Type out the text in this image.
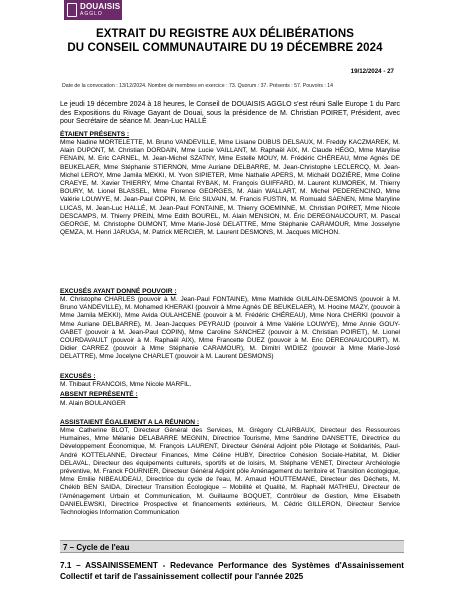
DOUAISIS
AGGLO
EXTRAIT DU REGISTRE AUX DÉLIBÉRATIONS
DU CONSEIL COMMUNAUTAIRE DU 19 DÉCEMBRE 2024
19/12/2024 - 27
Date de la convocation : 13/12/2024. Nombre de membres en exercice : 73. Quorum : 37. Présents : 57. Pouvoirs : 14
Le jeudi 19 décembre 2024 à 18 heures, le Conseil de DOUAISIS AGGLO s'est réuni Salle Europe 1 du Parc des Expositions du Rivage Gayant de Douai, sous la présidence de M. Christian POIRET, Président, avec pour Secrétaire de séance M. Jean-Luc HALLÉ
ÉTAIENT PRÉSENTS :
Mme Nadine MORTELETTE, M. Bruno VANDEVILLE, Mme Lisiane DUBUS DELSAUX, M. Freddy KACZMAREK, M. Alain DUPONT, M. Christian DORDAIN, Mme Lucie VAILLANT, M. Raphaël AIX, M. Claude HÉGO, Mme Marylise FENAIN, M. Eric CARNEL, M. Jean-Michel SZATNY, Mme Estelle MOUY, M. Frédéric CHÉREAU, Mme Agnès DE BEUKELAER, Mme Stéphanie STIERNON, Mme Auriane DELBARRE, M. Jean-Christophe LECLERCQ, M. Jean-Michel LEROY, Mme Jamila MEKKI, M. Yvon SIPIETER, Mme Nathalie APERS, M. Michaël DOZIÈRE, Mme Coline CRAEYE, M. Xavier THIERRY, Mme Chantal RYBAK, M. François GUIFFARD, M. Laurent KUMOREK, M. Thierry BOURY, M. Lionel BLASSEL, Mme Florence GEORGES, M. Alain WALLART, M. Michel PEDERENCINO, Mme Valérie LOUWYE, M. Jean-Paul COPIN, M. Eric SILVAIN, M. Francis FUSTIN, M. Romuald SAENEN, Mme Maryline LUCAS, M. Jean-Luc HALLÉ, M. Jean-Paul FONTAINE, M. Thierry GOEMINNE, M. Christian POIRET, Mme Nicole DESCAMPS, M. Thierry PREIN, Mme Edith BOUREL, M. Alain MENSION, M. Éric DEREGNAUCOURT, M. Pascal GEORGE, M. Christophe DUMONT, Mme Marie-José DELATTRE, Mme Stéphanie CARAMOUR, Mme Josselyne QEMZA, M. Henri JARUGA, M. Patrick MERCIER, M. Laurent DESMONS, M. Jacques MICHON.
EXCUSÉS AYANT DONNÉ POUVOIR :
M. Christophe CHARLES (pouvoir à M. Jean-Paul FONTAINE), Mme Mathilde GUILAIN-DESMONS (pouvoir à M. Bruno VANDEVILLE), M. Mohamed KHERAKI (pouvoir à Mme Agnès DE BEUKELAER), M. Hocine MAZY, (pouvoir à Mme Jamila MEKKI), Mme Avida OULAHCENE (pouvoir à M. Frédéric CHÉREAU), Mme Nora CHERKI (pouvoir à Mme Auriane DELBARRE), M. Jean-Jacques PEYRAUD (pouvoir à Mme Valérie LOUWYE), Mme Annie GOUY-GABET (pouvoir à M. Jean-Paul COPIN), Mme Caroline SANCHEZ (pouvoir à M. Christian POIRET), M. Lionel COURDAVAULT (pouvoir à M. Raphaël AIX), Mme Francette DUEZ (pouvoir à M. Eric DEREGNAUCOURT), M. Didier CARREZ (pouvoir à Mme Stéphanie CARAMOUR), M. Dimitri WIDIEZ (pouvoir à Mme Marie-José DELATTRE), Mme Jocelyne CHARLET (pouvoir à M. Laurent DESMONS)
EXCUSÉS :
M. Thibaut FRANCOIS, Mme Nicole MARFIL.
ABSENT REPRÉSENTÉ :
M. Alain BOULANGER
ASSISTAIENT ÉGALEMENT A LA RÉUNION :
Mme Catherine BLOT, Directeur Général des Services, M. Grégory CLAIRBAUX, Directeur des Ressources Humaines, Mme Mélanie DELABARRE MEGNIN, Directrice Tourisme, Mme Sandrine DANSETTE, Directrice du Développement Économique, M. François LAURENT, Directeur Général Adjoint pôle Pilotage et Solidarités, Paul-André KOTTELANNE, Directeur Finances, Mme Céline HUBY, Directrice Cohésion Sociale-Habitat, M. Didier DELAVAL, Directeur des équipements culturels, sportifs et de loisirs, M. Stéphane VENET, Directeur Archéologie préventive, M. Franck FOURNIER, Directeur Général Adjoint pôle Aménagement du territoire et Transition écologique, Mme Emilie NIBEAUDEAU, Directrice du cycle de l'eau, M. Arnaud HOUTTEMANE, Directeur des Déchets, M. Chékib BEN SAIDA, Directeur Transition Écologique – Mobilité et Qualité, M. Raphaël MATHIEU, Directeur de l'Aménagement Urbain et Communication, M. Guillaume BOQUET, Contrôleur de Gestion, Mme Elisabeth DANIELEWSKI, Directrice Prospective et financements extérieurs, M. Cédric GILLERON, Directeur Service Technologies Information Communication
7 – Cycle de l'eau
7.1 – ASSAINISSEMENT - Redevance Performance des Systèmes d'Assainissement Collectif et tarif de l'assainissement collectif pour l'année 2025
